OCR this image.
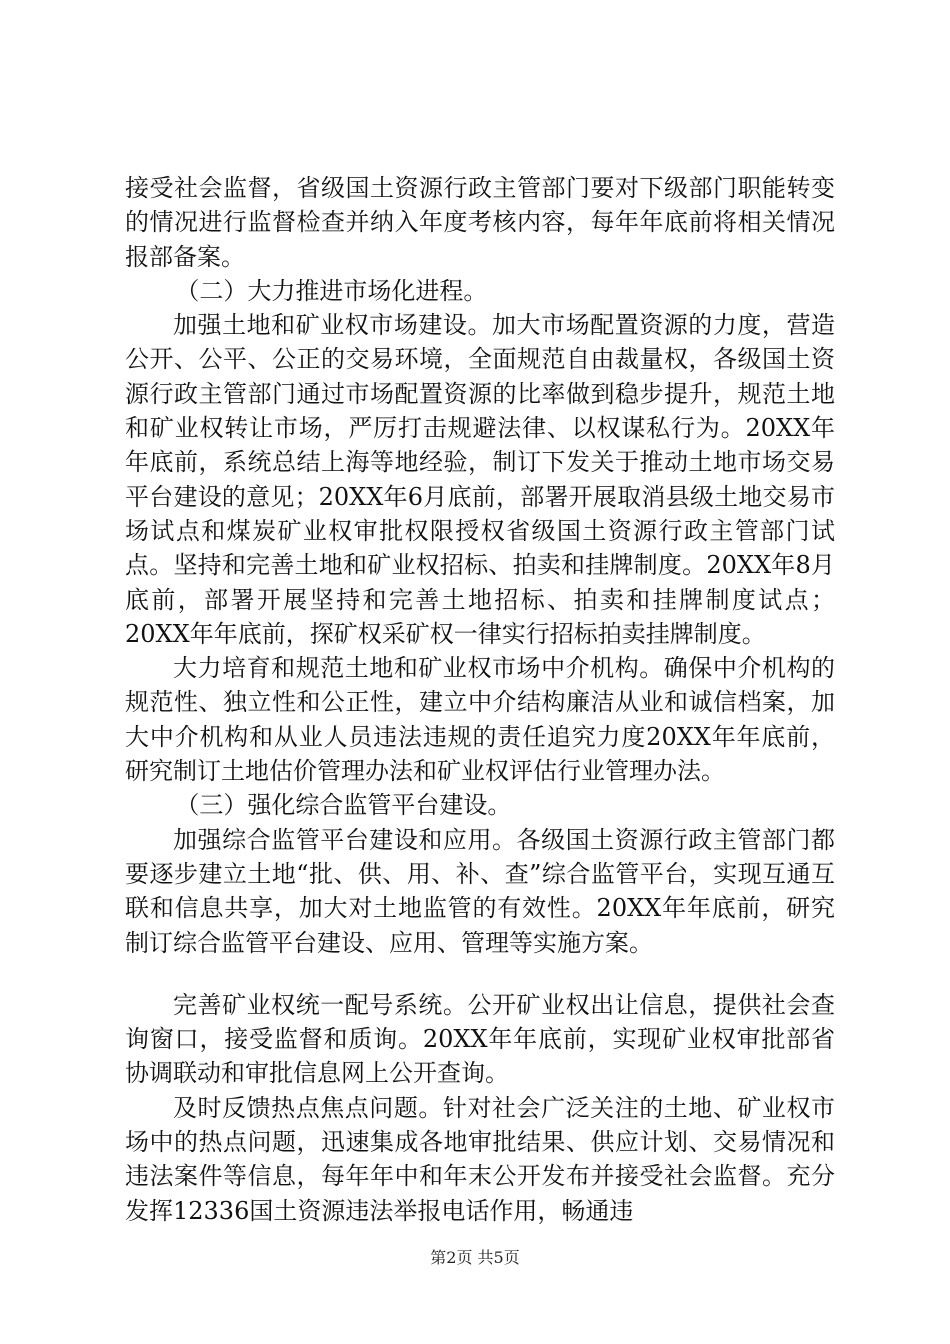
接受社会监督，省级国土资源行政主管部门要对下级部门职能转变的情况进行监督检查并纳入年度考核内容，每年年底前将相关情况报部备案。

（二）大力推进市场化进程。

加强土地和矿业权市场建设。加大市场配置资源的力度，营造公开、公平、公正的交易环境，全面规范自由裁量权，各级国土资源行政主管部门通过市场配置资源的比率做到稳步提升，规范土地和矿业权转让市场，严厉打击规避法律、以权谋私行为。20XX年年底前，系统总结上海等地经验，制订下发关于推动土地市场交易平台建设的意见；20XX年6月底前，部署开展取消县级土地交易市场试点和煤炭矿业权审批权限授权省级国土资源行政主管部门试点。坚持和完善土地和矿业权招标、拍卖和挂牌制度。20XX年8月底前，部署开展坚持和完善土地招标、拍卖和挂牌制度试点；20XX年年底前，探矿权采矿权一律实行招标拍卖挂牌制度。

大力培育和规范土地和矿业权市场中介机构。确保中介机构的规范性、独立性和公正性，建立中介结构廉洁从业和诚信档案，加大中介机构和从业人员违法违规的责任追究力度20XX年年底前，研究制订土地估价管理办法和矿业权评估行业管理办法。

（三）强化综合监管平台建设。

加强综合监管平台建设和应用。各级国土资源行政主管部门都要逐步建立土地“批、供、用、补、查”综合监管平台，实现互通互联和信息共享，加大对土地监管的有效性。20XX年年底前，研究制订综合监管平台建设、应用、管理等实施方案。

完善矿业权统一配号系统。公开矿业权出让信息，提供社会查询窗口，接受监督和质询。20XX年年底前，实现矿业权审批部省协调联动和审批信息网上公开查询。

及时反馈热点焦点问题。针对社会广泛关注的土地、矿业权市场中的热点问题，迅速集成各地审批结果、供应计划、交易情况和违法案件等信息，每年年中和年末公开发布并接受社会监督。充分发挥12336国土资源违法举报电话作用，畅通违

第2页 共5页
